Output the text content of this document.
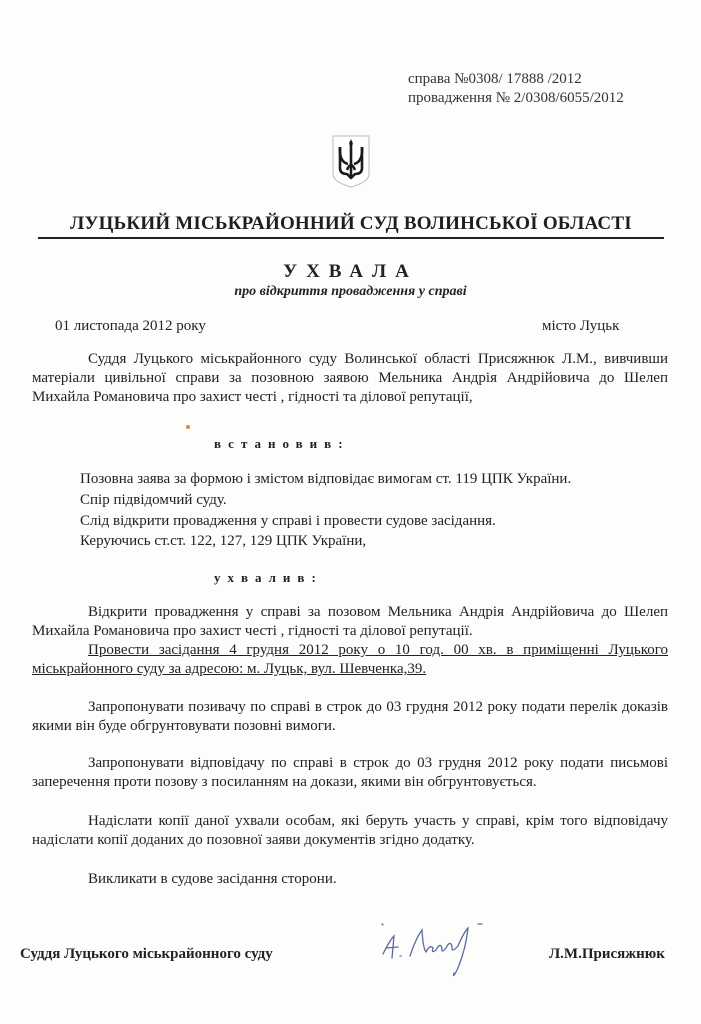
справа №0308/ 17888 /2012
провадження № 2/0308/6055/2012
ЛУЦЬКИЙ МІСЬКРАЙОННИЙ СУД ВОЛИНСЬКОЇ ОБЛАСТІ
УХВАЛА
про відкриття провадження у справі
01 листопада 2012 року	місто Луцьк
Суддя Луцького міськрайонного суду Волинської області Присяжнюк Л.М., вивчивши матеріали цивільної справи за позовною заявою Мельника Андрія Андрійовича до Шелеп Михайла Романовича про захист честі , гідності та ділової репутації,
встановив:
Позовна заява за формою і змістом відповідає вимогам ст. 119 ЦПК України.
Спір підвідомчий суду.
Слід відкрити провадження у справі і провести судове засідання.
Керуючись ст.ст. 122, 127, 129 ЦПК України,
ухвалив:
Відкрити провадження у справі за позовом Мельника Андрія Андрійовича до Шелеп Михайла Романовича про захист честі , гідності та ділової репутації.
Провести засідання 4 грудня 2012 року о 10 год. 00 хв. в приміщенні Луцького міськрайонного суду за адресою: м. Луцьк, вул. Шевченка,39.
Запропонувати позивачу по справі в строк до 03 грудня 2012 року подати перелік доказів якими він буде обгрунтовувати позовні вимоги.
Запропонувати відповідачу по справі в строк до 03 грудня 2012 року подати письмові заперечення проти позову з посиланням на докази, якими він обгрунтовується.
Надіслати копії даної ухвали особам, які беруть участь у справі, крім того відповідачу надіслати копії доданих до позовної заяви документів згідно додатку.
Викликати в судове засідання сторони.
Суддя Луцького міськрайонного суду	Л.М.Присяжнюк
